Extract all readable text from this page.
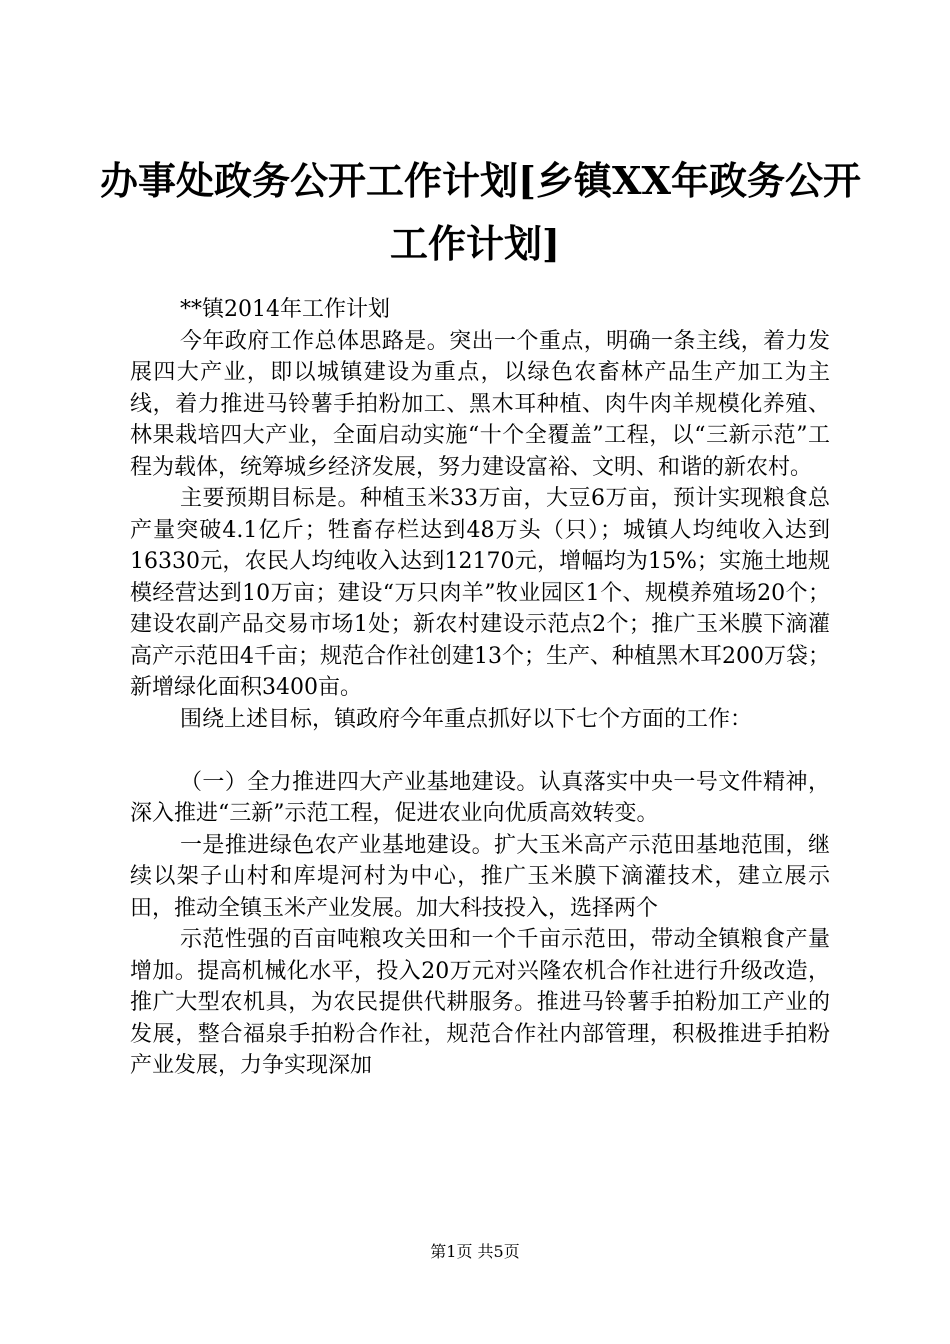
办事处政务公开工作计划[乡镇XX年政务公开
工作计划]

**镇2014年工作计划

今年政府工作总体思路是。突出一个重点，明确一条主线，着力发展四大产业，即以城镇建设为重点，以绿色农畜林产品生产加工为主线，着力推进马铃薯手拍粉加工、黑木耳种植、肉牛肉羊规模化养殖、林果栽培四大产业，全面启动实施“十个全覆盖”工程，以“三新示范”工程为载体，统筹城乡经济发展，努力建设富裕、文明、和谐的新农村。

主要预期目标是。种植玉米33万亩，大豆6万亩，预计实现粮食总产量突破4.1亿斤；牲畜存栏达到48万头（只）；城镇人均纯收入达到16330元，农民人均纯收入达到12170元，增幅均为15%；实施土地规模经营达到10万亩；建设“万只肉羊”牧业园区1个、规模养殖场20个；建设农副产品交易市场1处；新农村建设示范点2个；推广玉米膜下滴灌高产示范田4千亩；规范合作社创建13个；生产、种植黑木耳200万袋；新增绿化面积3400亩。

围绕上述目标，镇政府今年重点抓好以下七个方面的工作：

（一）全力推进四大产业基地建设。认真落实中央一号文件精神，深入推进“三新”示范工程，促进农业向优质高效转变。

一是推进绿色农产业基地建设。扩大玉米高产示范田基地范围，继续以架子山村和库堤河村为中心，推广玉米膜下滴灌技术，建立展示田，推动全镇玉米产业发展。加大科技投入，选择两个

示范性强的百亩吨粮攻关田和一个千亩示范田，带动全镇粮食产量增加。提高机械化水平，投入20万元对兴隆农机合作社进行升级改造，推广大型农机具，为农民提供代耕服务。推进马铃薯手拍粉加工产业的发展，整合福泉手拍粉合作社，规范合作社内部管理，积极推进手拍粉产业发展，力争实现深加

第1页 共5页
